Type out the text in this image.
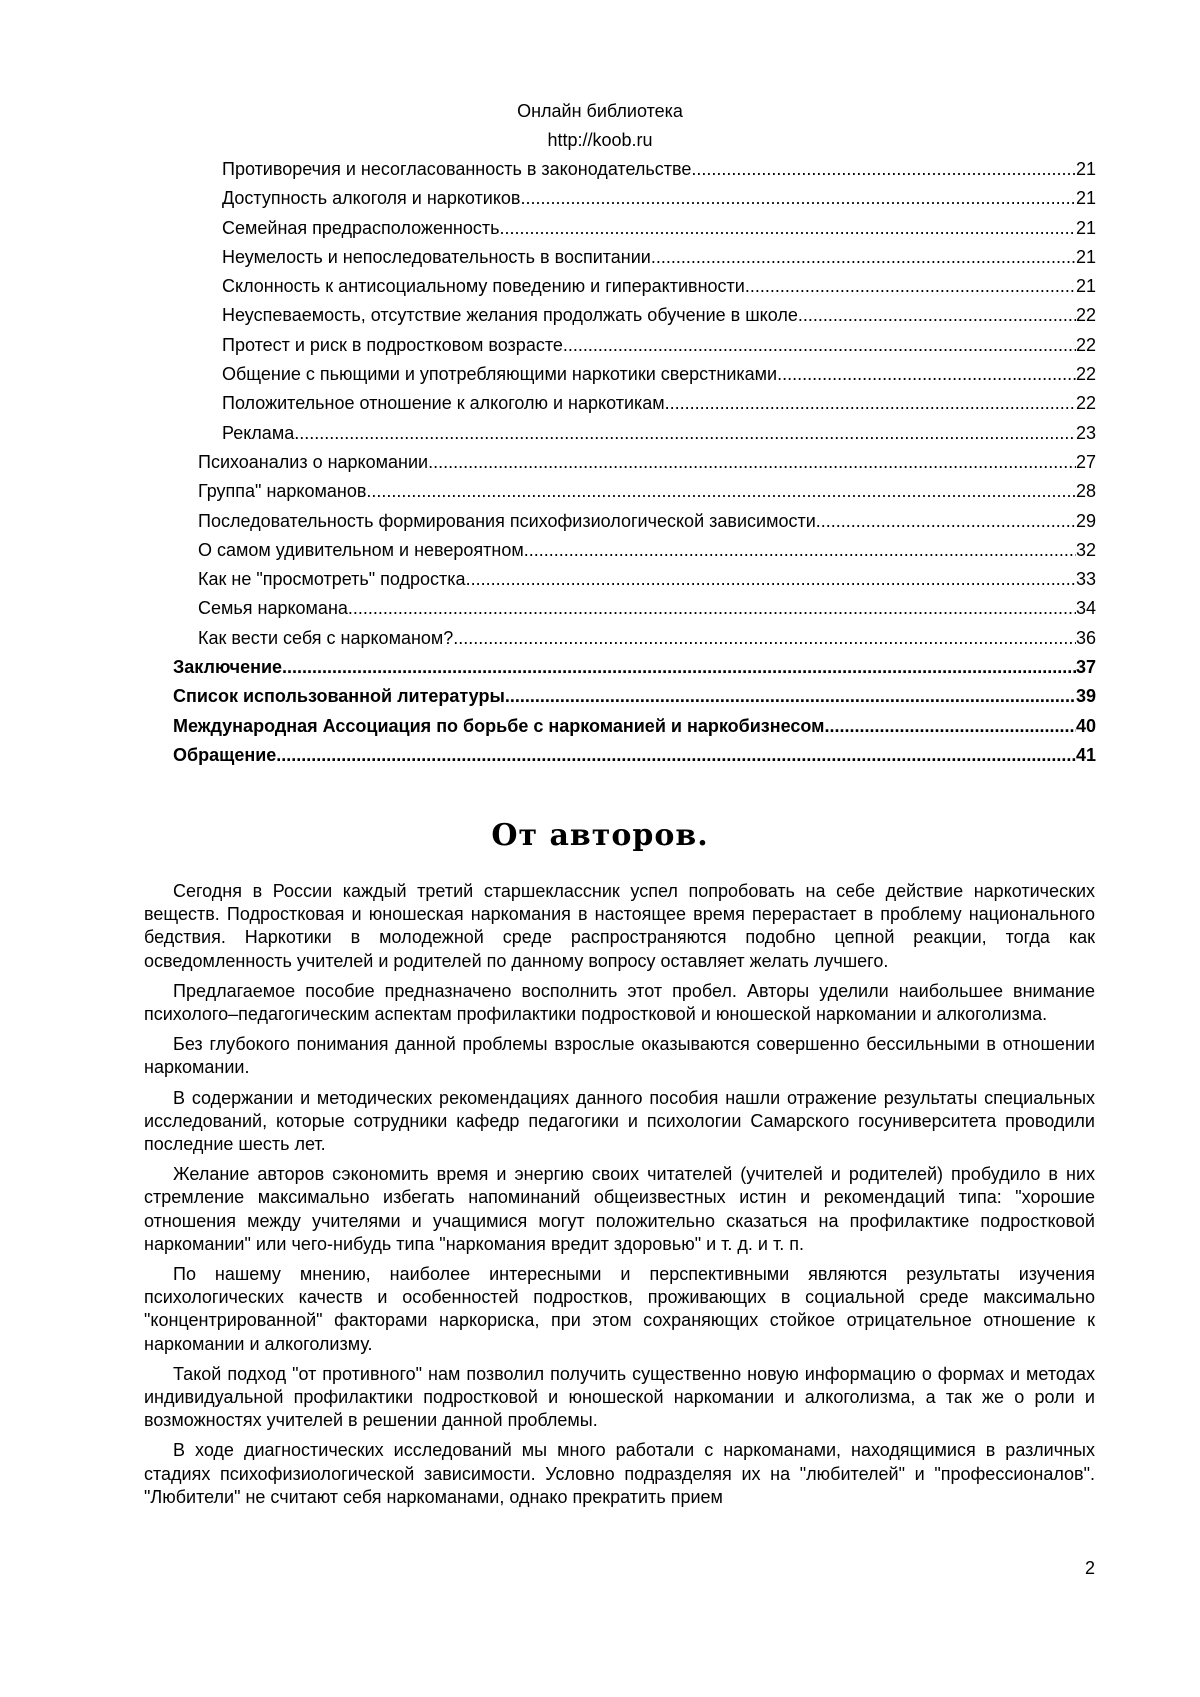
Онлайн библиотека
http://koob.ru
Противоречия и несогласованность в законодательстве .....	21
Доступность алкоголя и наркотиков .....	21
Семейная предрасположенность .....	21
Неумелость и непоследовательность в воспитании .....	21
Склонность к антисоциальному поведению и гиперактивности .....	21
Неуспеваемость, отсутствие желания продолжать обучение в школе .....	22
Протест и риск в подростковом возрасте .....	22
Общение с пьющими и употребляющими наркотики сверстниками .....	22
Положительное отношение к алкоголю и наркотикам .....	22
Реклама .....	23
Психоанализ о наркомании .....	27
Группа" наркоманов .....	28
Последовательность формирования психофизиологической зависимости .....	29
О самом удивительном и невероятном .....	32
Как не "просмотреть" подростка .....	33
Семья наркомана .....	34
Как вести себя с наркоманом? .....	36
Заключение .....	37
Список использованной литературы .....	39
Международная Ассоциация по борьбе с наркоманией и наркобизнесом .....	40
Обращение .....	41
От авторов.

Сегодня в России каждый третий старшеклассник успел попробовать на себе действие наркотических веществ. Подростковая и юношеская наркомания в настоящее время перерастает в проблему национального бедствия. Наркотики в молодежной среде распространяются подобно цепной реакции, тогда как осведомленность учителей и родителей по данному вопросу оставляет желать лучшего.

Предлагаемое пособие предназначено восполнить этот пробел. Авторы уделили наибольшее внимание психолого–педагогическим аспектам профилактики подростковой и юношеской наркомании и алкоголизма.

Без глубокого понимания данной проблемы взрослые оказываются совершенно бессильными в отношении наркомании.

В содержании и методических рекомендациях данного пособия нашли отражение результаты специальных исследований, которые сотрудники кафедр педагогики и психологии Самарского госуниверситета проводили последние шесть лет.

Желание авторов сэкономить время и энергию своих читателей (учителей и родителей) пробудило в них стремление максимально избегать напоминаний общеизвестных истин и рекомендаций типа: "хорошие отношения между учителями и учащимися могут положительно сказаться на профилактике подростковой наркомании" или чего-нибудь типа "наркомания вредит здоровью" и т. д. и т. п.

По нашему мнению, наиболее интересными и перспективными являются результаты изучения психологических качеств и особенностей подростков, проживающих в социальной среде максимально "концентрированной" факторами наркориска, при этом сохраняющих стойкое отрицательное отношение к наркомании и алкоголизму.

Такой подход "от противного" нам позволил получить существенно новую информацию о формах и методах индивидуальной профилактики подростковой и юношеской наркомании и алкоголизма, а так же о роли и возможностях учителей в решении данной проблемы.

В ходе диагностических исследований мы много работали с наркоманами, находящимися в различных стадиях психофизиологической зависимости. Условно подразделяя их на "любителей" и "профессионалов". "Любители" не считают себя наркоманами, однако прекратить прием

2
